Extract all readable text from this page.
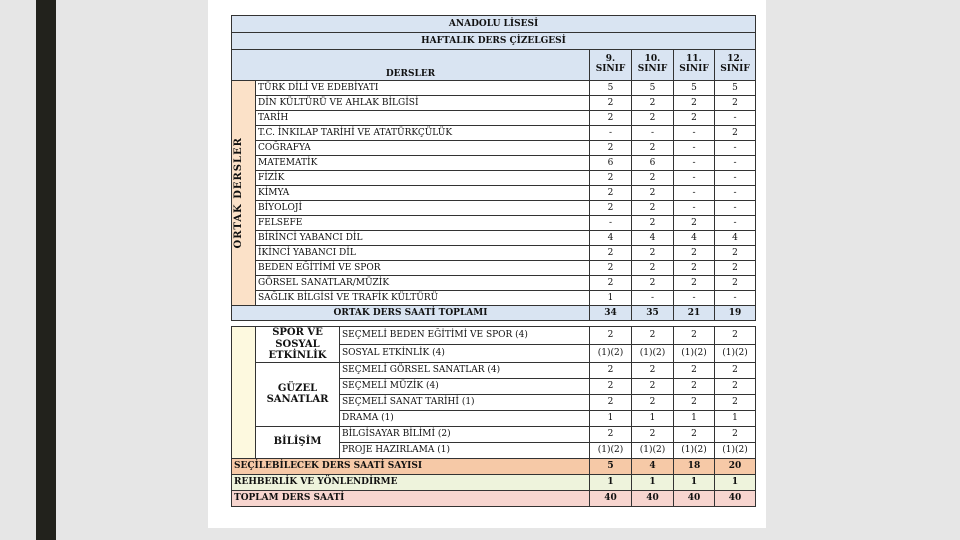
ANADOLU LİSESİ					
HAFTALIK DERS ÇİZELGESİ					
DERSLER		9. SINIF	10. SINIF	11. SINIF	12. SINIF

ORTAK DERSLER	TÜRK DİLİ VE EDEBİYATI	5	5	5	5
	DİN KÜLTÜRÜ VE AHLAK BİLGİSİ	2	2	2	2
	TARİH	2	2	2	-
	T.C. İNKILAP TARİHİ VE ATATÜRKÇÜLÜK	-	-	-	2
	COĞRAFYA	2	2	-	-
	MATEMATİK	6	6	-	-
	FİZİK	2	2	-	-
	KİMYA	2	2	-	-
	BİYOLOJİ	2	2	-	-
	FELSEFE	-	2	2	-
	BİRİNCİ YABANCI DİL	4	4	4	4
	İKİNCİ YABANCI DİL	2	2	2	2
	BEDEN EĞİTİMİ VE SPOR	2	2	2	2
	GÖRSEL SANATLAR/MÜZİK	2	2	2	2
	SAĞLIK BİLGİSİ VE TRAFİK KÜLTÜRÜ	1	-	-	-
ORTAK DERS SAATİ TOPLAMI		34	35	21	19
	SPOR VE SOSYAL ETKİNLİK	SEÇMELİ BEDEN EĞİTİMİ VE SPOR (4)	2	2	2	2
		SOSYAL ETKİNLİK (4)	(1)(2)	(1)(2)	(1)(2)	(1)(2)
	GÜZEL SANATLAR	SEÇMELİ GÖRSEL SANATLAR (4)	2	2	2	2
		SEÇMELİ MÜZİK (4)	2	2	2	2
		SEÇMELİ SANAT TARİHİ (1)	2	2	2	2
		DRAMA (1)	1	1	1	1
	BİLİŞİM	BİLGİSAYAR BİLİMİ (2)	2	2	2	2
		PROJE HAZIRLAMA (1)	(1)(2)	(1)(2)	(1)(2)	(1)(2)
SEÇİLEBİLECEK DERS SAATİ SAYISI			5	4	18	20
REHBERLİK VE YÖNLENDİRME			1	1	1	1
TOPLAM DERS SAATİ			40	40	40	40
